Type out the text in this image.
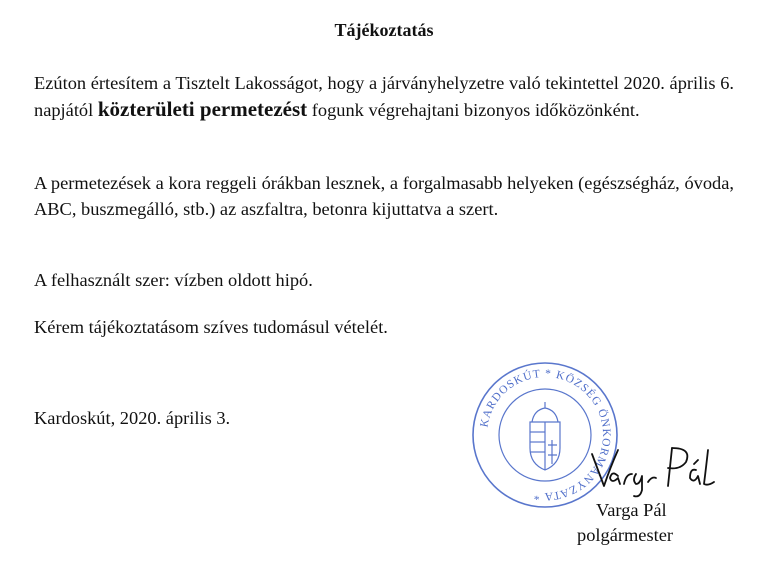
Tájékoztatás

Ezúton értesítem a Tisztelt Lakosságot, hogy a járványhelyzetre való tekintettel 2020. április 6. napjától közterületi permetezést fogunk végrehajtani bizonyos időközönként.

A permetezések a kora reggeli órákban lesznek, a forgalmasabb helyeken (egészségház, óvoda, ABC, buszmegálló, stb.) az aszfaltra, betonra kijuttatva a szert.

A felhasznált szer: vízben oldott hipó.

Kérem tájékoztatásom szíves tudomásul vételét.

Kardoskút, 2020. április 3.	KARDOSKÚT * KÖZSÉG ÖNKORMÁNYZATA *
Varga Pál
polgármester
